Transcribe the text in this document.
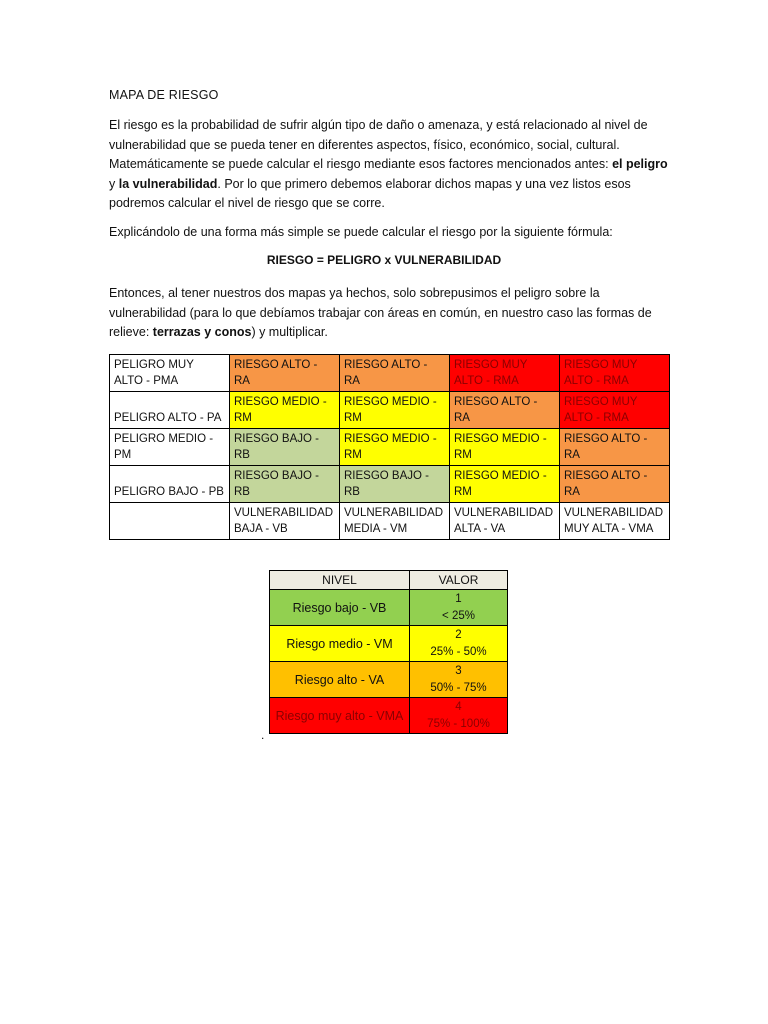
MAPA DE RIESGO
El riesgo es la probabilidad de sufrir algún tipo de daño o amenaza, y está relacionado al nivel de vulnerabilidad que se pueda tener en diferentes aspectos, físico, económico, social, cultural. Matemáticamente se puede calcular el riesgo mediante esos factores mencionados antes: el peligro y la vulnerabilidad. Por lo que primero debemos elaborar dichos mapas y una vez listos esos podremos calcular el nivel de riesgo que se corre.
Explicándolo de una forma más simple se puede calcular el riesgo por la siguiente fórmula:
RIESGO = PELIGRO x VULNERABILIDAD
Entonces, al tener nuestros dos mapas ya hechos, solo sobrepusimos el peligro sobre la vulnerabilidad (para lo que debíamos trabajar con áreas en común, en nuestro caso las formas de relieve: terrazas y conos) y multiplicar.
PELIGRO MUY ALTO - PMA	RIESGO ALTO - RA	RIESGO ALTO - RA	RIESGO MUY ALTO - RMA	RIESGO MUY ALTO - RMA
PELIGRO ALTO - PA	RIESGO MEDIO - RM	RIESGO MEDIO - RM	RIESGO ALTO - RA	RIESGO MUY ALTO - RMA
PELIGRO MEDIO - PM	RIESGO BAJO - RB	RIESGO MEDIO - RM	RIESGO MEDIO - RM	RIESGO ALTO - RA
PELIGRO BAJO - PB	RIESGO BAJO - RB	RIESGO BAJO - RB	RIESGO MEDIO - RM	RIESGO ALTO - RA
	VULNERABILIDAD BAJA - VB	VULNERABILIDAD MEDIA - VM	VULNERABILIDAD ALTA - VA	VULNERABILIDAD MUY ALTA - VMA
NIVEL	VALOR
Riesgo bajo - VB	1
< 25%

Riesgo medio - VM	2
25% - 50%

Riesgo alto - VA	3
50% - 75%

Riesgo muy alto - VMA	4
75% - 100%
.
